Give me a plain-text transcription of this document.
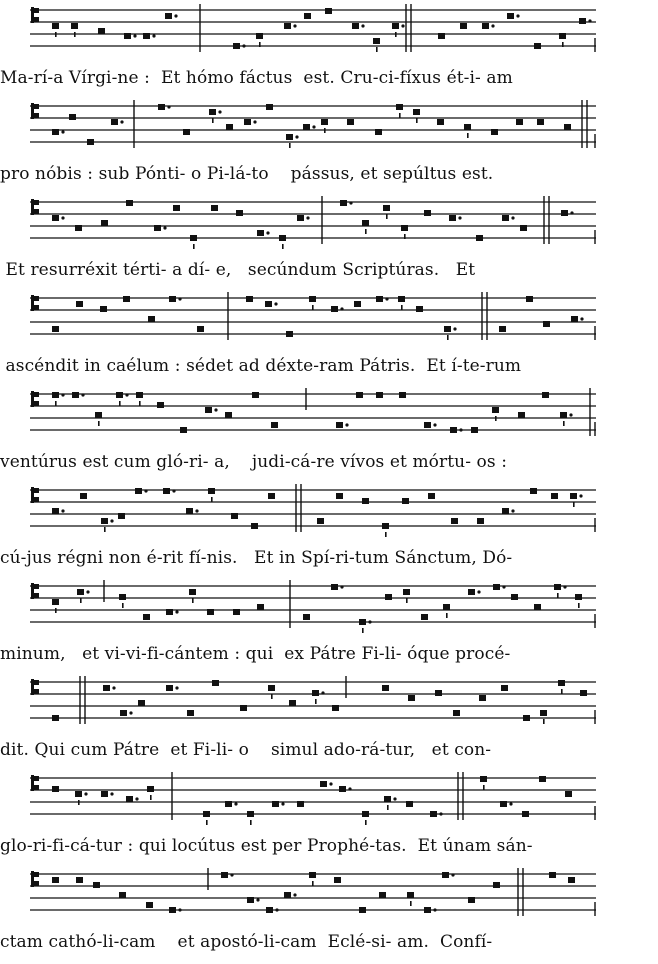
Ma-rí-a Vírgi-ne :  Et hómo fáctus  est. Cru-ci-fíxus ét-i- am
pro nóbis : sub Pónti- o Pi-lá-to    pássus, et sepúltus est.
Et resurréxit térti- a dí- e,   secúndum Scriptúras.   Et
ascéndit in caélum : sédet ad déxte-ram Pátris.  Et í-te-rum
ventúrus est cum gló-ri- a,    judi-cá-re vívos et mórtu- os :
cú-jus régni non é-rit fí-nis.   Et in Spí-ri-tum Sánctum, Dó-
minum,   et vi-vi-fi-cántem : qui  ex Pátre Fi-li- óque procé-
dit. Qui cum Pátre  et Fi-li- o    simul ado-rá-tur,   et con-
glo-ri-fi-cá-tur : qui locútus est per Prophé-tas.  Et únam sán-
ctam cathó-li-cam    et apostó-li-cam  Eclé-si- am.  Confí-
